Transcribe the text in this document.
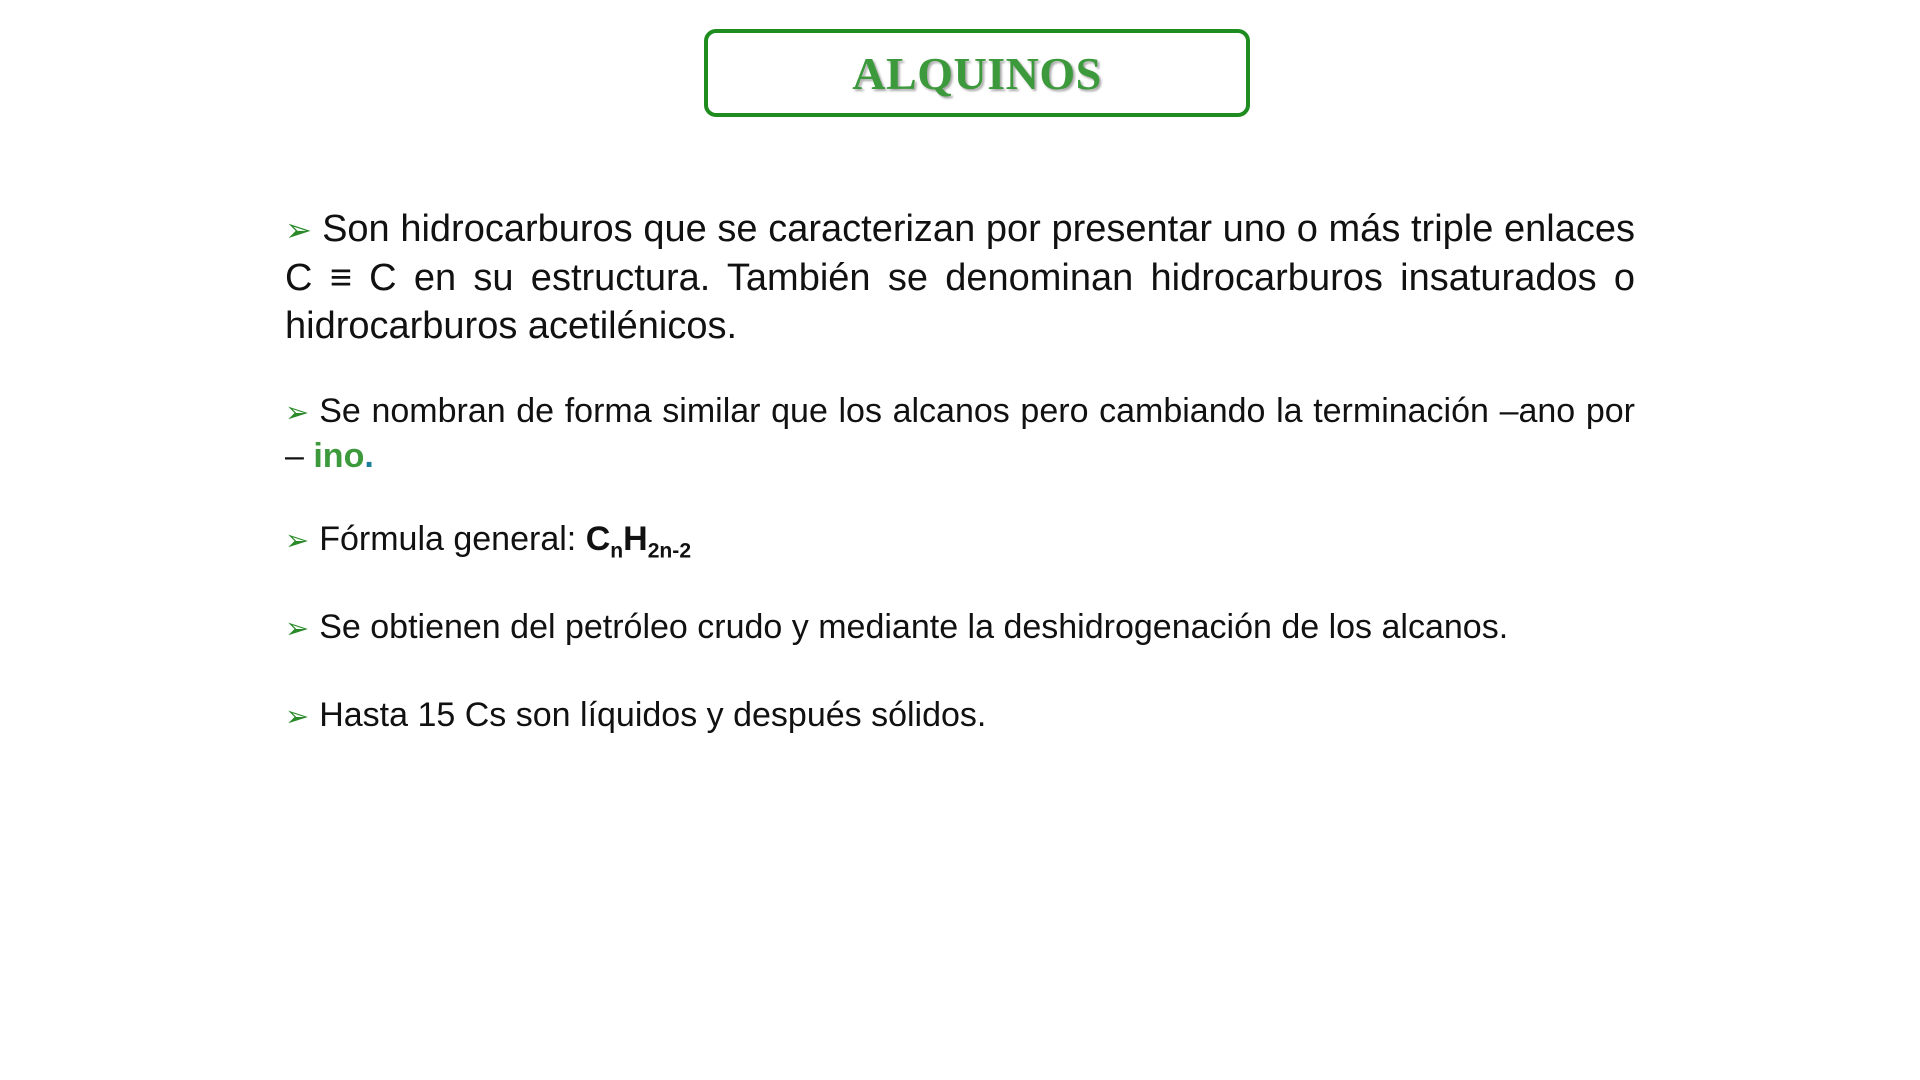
ALQUINOS

➢ Son hidrocarburos que se caracterizan por presentar uno o más triple enlaces C ≡ C en su estructura. También se denominan hidrocarburos insaturados o hidrocarburos acetilénicos.

➢ Se nombran de forma similar que los alcanos pero cambiando la terminación –ano por – ino.

➢ Fórmula general: $C_nH_{2n-2}$

➢ Se obtienen del petróleo crudo y mediante la deshidrogenación de los alcanos.

➢ Hasta 15 Cs son líquidos y después sólidos.
